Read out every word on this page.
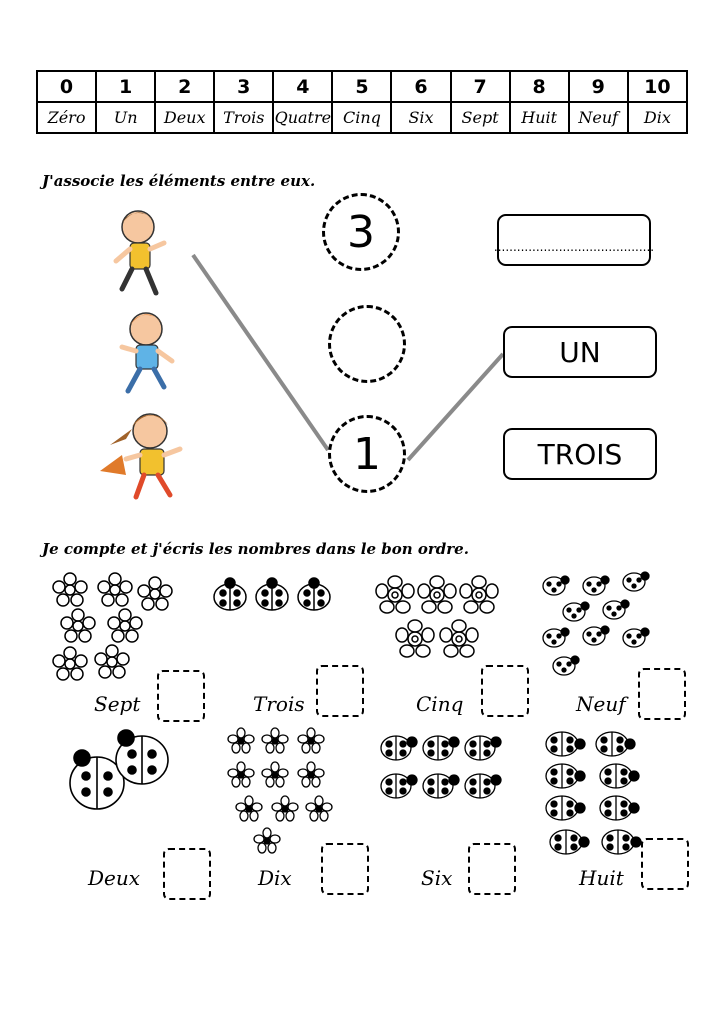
0	1	2	3	4	5	6	7	8	9	10
Zéro	Un	Deux	Trois	Quatre	Cinq	Six	Sept	Huit	Neuf	Dix

J'associe les éléments entre eux.

3
1
..........................................
UN
TROIS

Je compte et j'écris les nombres dans le bon ordre.

Sept	Trois	Cinq	Neuf
Deux	Dix	Six	Huit
